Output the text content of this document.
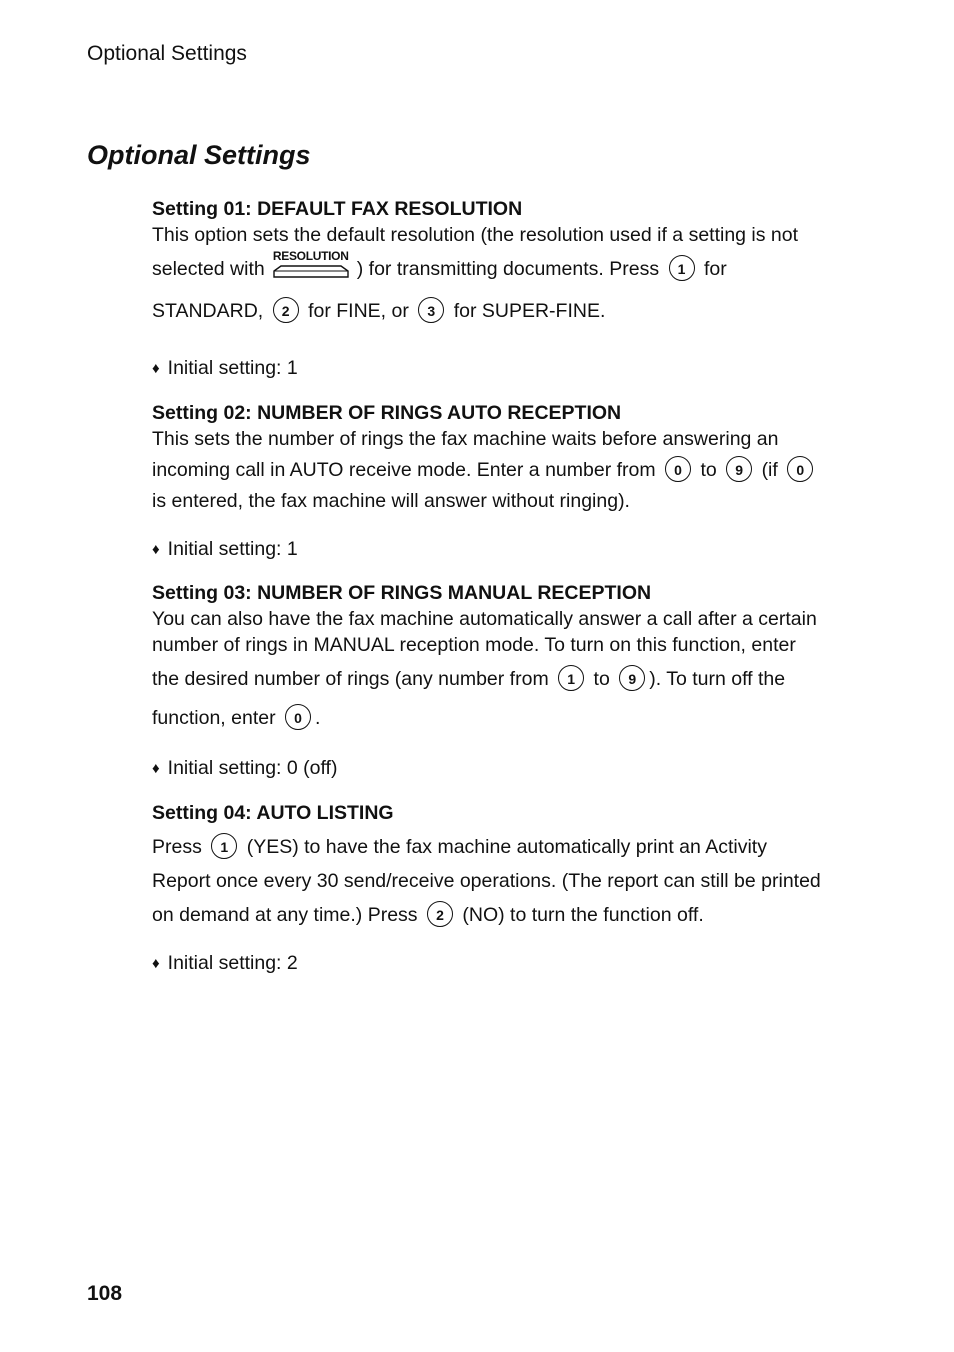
Optional Settings
Optional Settings
Setting 01: DEFAULT FAX RESOLUTION
This option sets the default resolution (the resolution used if a setting is not
selected with
RESOLUTION
) for transmitting documents. Press 1 for
STANDARD, 2 for FINE, or 3 for SUPER-FINE.
♦ Initial setting: 1
Setting 02: NUMBER OF RINGS AUTO RECEPTION
This sets the number of rings the fax machine waits before answering an
incoming call in AUTO receive mode. Enter a number from 0 to 9 (if 0
is entered, the fax machine will answer without ringing).
♦ Initial setting: 1
Setting 03: NUMBER OF RINGS MANUAL RECEPTION
You can also have the fax machine automatically answer a call after a certain
number of rings in MANUAL reception mode. To turn on this function, enter
the desired number of rings (any number from 1 to 9 ). To turn off the
function, enter 0 .
♦ Initial setting: 0 (off)
Setting 04: AUTO LISTING
Press 1 (YES) to have the fax machine automatically print an Activity
Report once every 30 send/receive operations. (The report can still be printed
on demand at any time.) Press 2 (NO) to turn the function off.
♦ Initial setting: 2
108
